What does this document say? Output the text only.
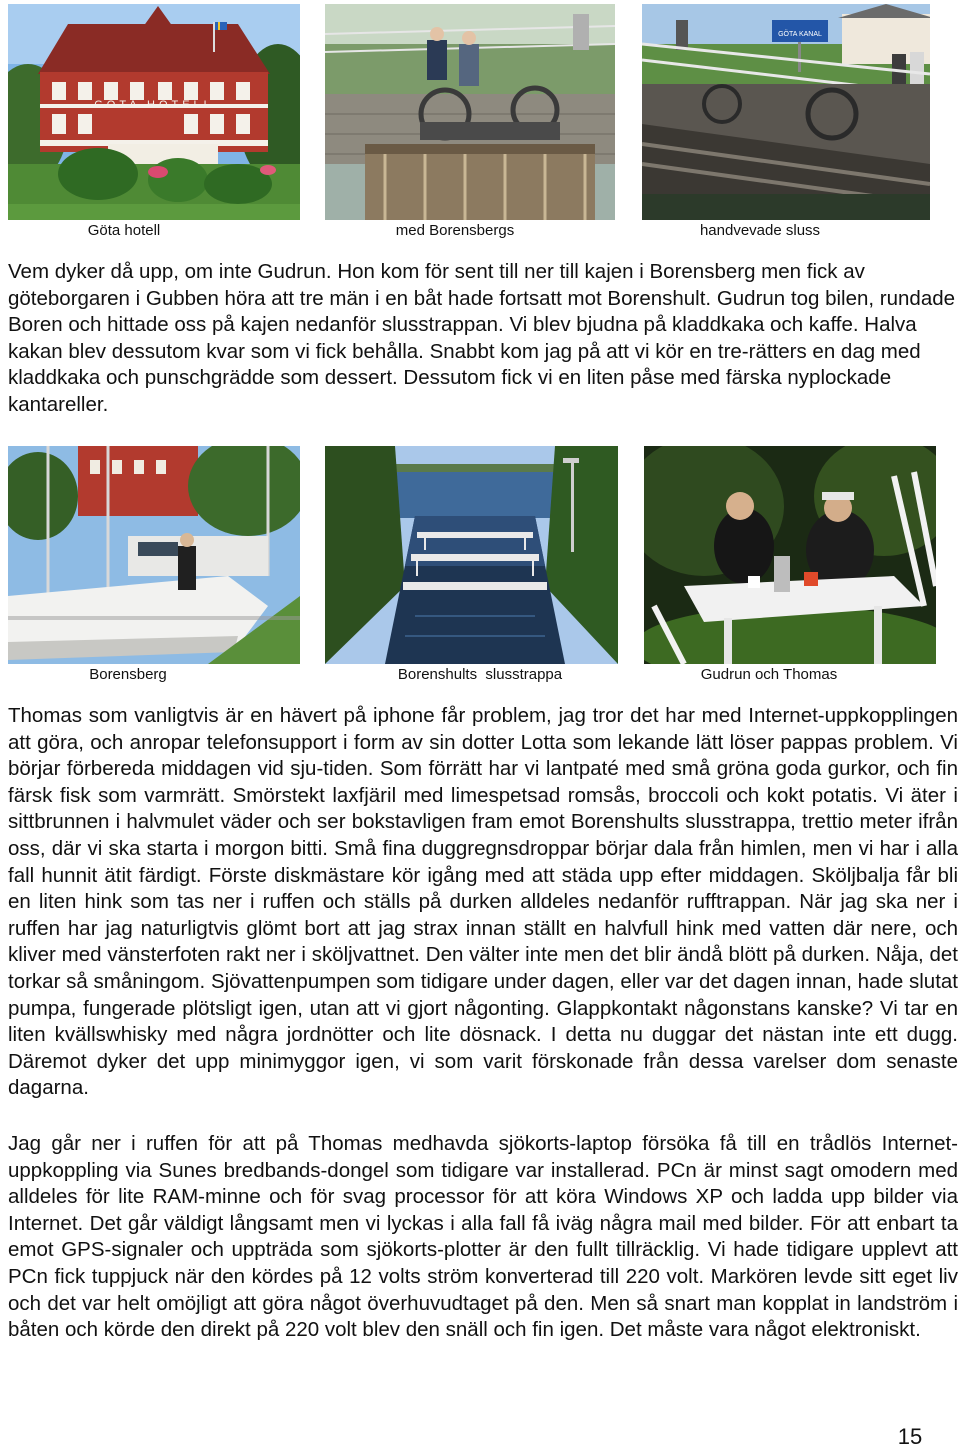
GÖTA HOTELL
GÖTA KANAL
Göta hotell	med Borensbergs	handvevade sluss

Vem dyker då upp, om inte Gudrun. Hon kom för sent till ner till kajen i Borensberg men fick av göteborgaren i Gubben höra att tre män i en båt hade fortsatt mot Borenshult. Gudrun tog bilen, rundade Boren och hittade oss på kajen nedanför slusstrappan. Vi blev bjudna på kladdkaka och kaffe. Halva kakan blev dessutom kvar som vi fick behålla. Snabbt kom jag på att vi kör en tre-rätters en dag med kladdkaka och punschgrädde som dessert. Dessutom fick vi en liten påse med färska nyplockade kantareller.

Borensberg	Borenshults  slusstrappa	Gudrun och Thomas

Thomas som vanligtvis är en hävert på iphone får problem, jag tror det har med Internet-uppkopplingen att göra, och anropar telefonsupport i form av sin dotter Lotta som lekande lätt löser pappas problem. Vi börjar förbereda middagen vid sju-tiden. Som förrätt har vi lantpaté med små gröna goda gurkor, och fin färsk fisk som varmrätt. Smörstekt laxfjäril med limespetsad romsås, broccoli och kokt potatis. Vi äter i sittbrunnen i halvmulet väder och ser bokstavligen fram emot Borenshults slusstrappa, trettio meter ifrån oss, där vi ska starta i morgon bitti. Små fina duggregnsdroppar börjar dala från himlen, men vi har i alla fall hunnit ätit färdigt. Förste diskmästare kör igång med att städa upp efter middagen. Sköljbalja får bli en liten hink som tas ner i ruffen och ställs på durken alldeles nedanför rufftrappan. När jag ska ner i ruffen har jag naturligtvis glömt bort att jag strax innan ställt en halvfull hink med vatten där nere, och kliver med vänsterfoten rakt ner i sköljvattnet. Den välter inte men det blir ändå blött på durken. Nåja, det torkar så småningom. Sjövattenpumpen som tidigare under dagen, eller var det dagen innan, hade slutat pumpa, fungerade plötsligt igen, utan att vi gjort någonting. Glappkontakt någonstans kanske? Vi tar en liten kvällswhisky med några jordnötter och lite dösnack. I detta nu duggar det nästan inte ett dugg. Däremot dyker det upp minimyggor igen, vi som varit förskonade från dessa varelser dom senaste dagarna.

Jag går ner i ruffen för att på Thomas medhavda sjökorts-laptop försöka få till en trådlös Internet-uppkoppling via Sunes bredbands-dongel som tidigare var installerad. PCn är minst sagt omodern med alldeles för lite RAM-minne och för svag processor för att köra Windows XP och ladda upp bilder via Internet. Det går väldigt långsamt men vi lyckas i alla fall få iväg några mail med bilder. För att enbart ta emot GPS-signaler och uppträda som sjökorts-plotter är den fullt tillräcklig. Vi hade tidigare upplevt att PCn fick tuppjuck när den kördes på 12 volts ström konverterad till 220 volt. Markören levde sitt eget liv och det var helt omöjligt att göra något överhuvudtaget på den. Men så snart man kopplat in landström i båten och körde den direkt på 220 volt blev den snäll och fin igen. Det måste vara något elektroniskt.

15
